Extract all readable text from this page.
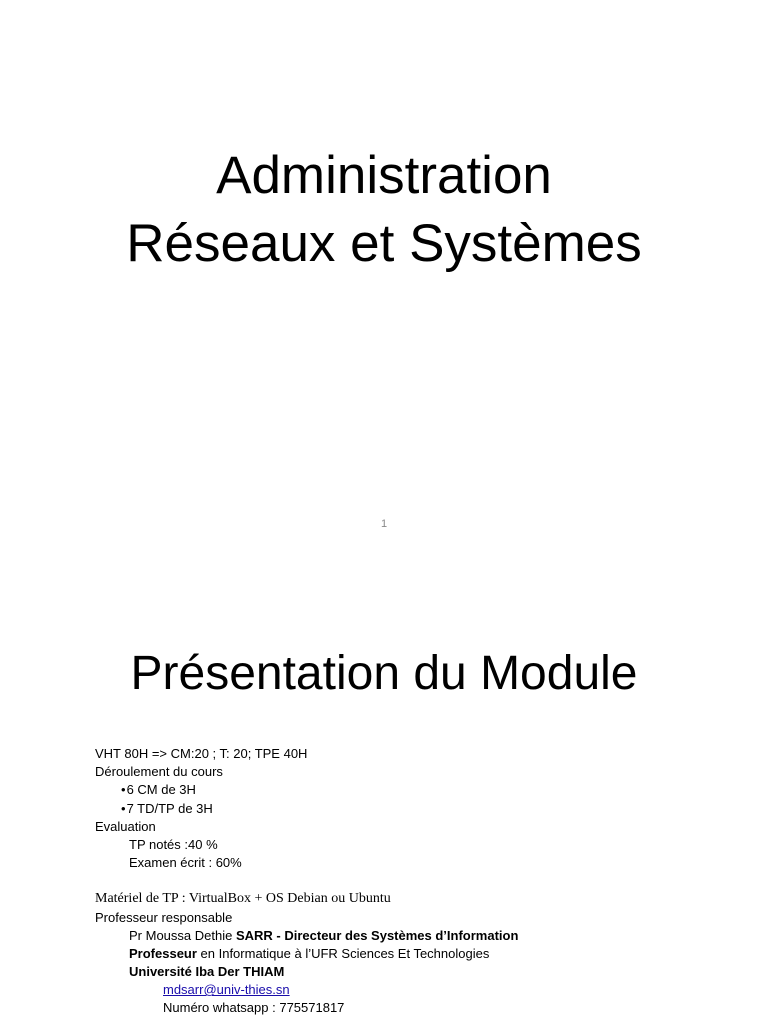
Administration
Réseaux et Systèmes
1
Présentation du Module
VHT 80H => CM:20 ; T: 20; TPE 40H
Déroulement du cours
•6 CM de 3H
•7 TD/TP de 3H
Evaluation
TP notés :40 %
Examen écrit : 60%
Matériel de TP : VirtualBox + OS Debian ou Ubuntu
Professeur responsable
Pr Moussa Dethie SARR - Directeur des Systèmes d’Information
Professeur en Informatique à l’UFR Sciences Et Technologies
Université Iba Der THIAM
mdsarr@univ-thies.sn
Numéro whatsapp : 775571817
